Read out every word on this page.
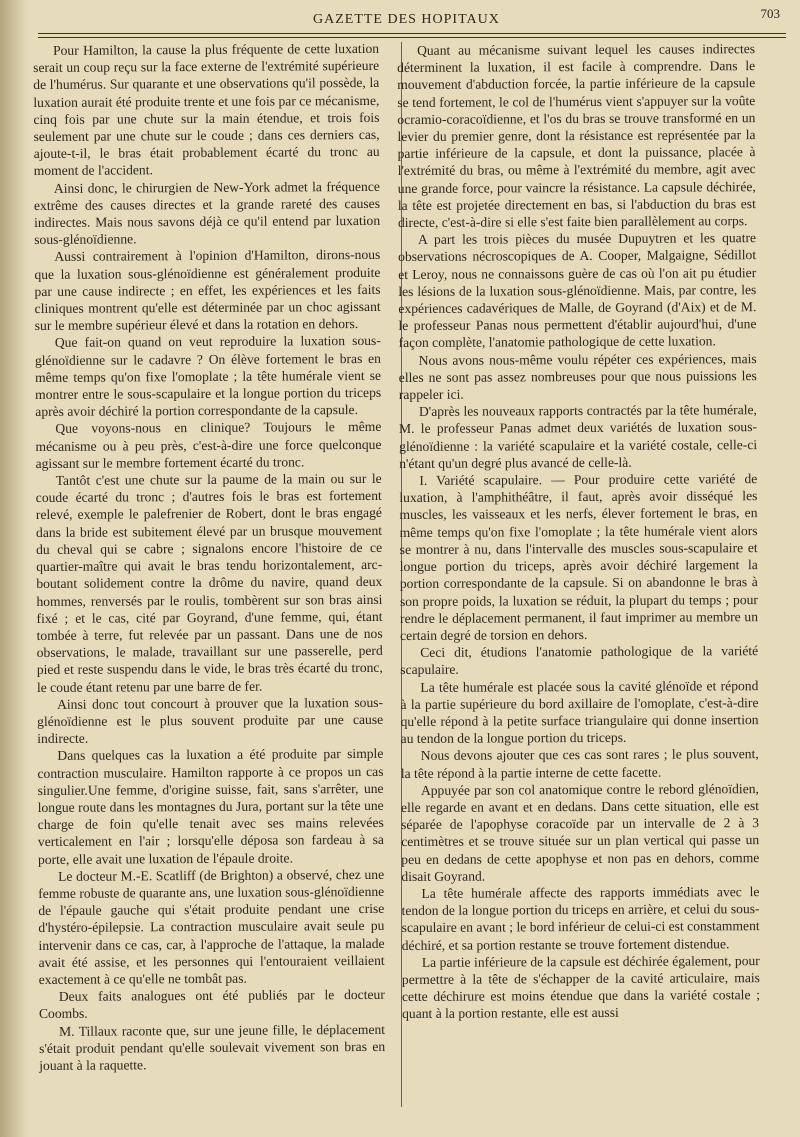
GAZETTE DES HOPITAUX	703

Pour Hamilton, la cause la plus fréquente de cette luxation serait un coup reçu sur la face externe de l'extrémité supérieure de l'humérus. Sur quarante et une observations qu'il possède, la luxation aurait été produite trente et une fois par ce mécanisme, cinq fois par une chute sur la main étendue, et trois fois seulement par une chute sur le coude ; dans ces derniers cas, ajoute-t-il, le bras était probablement écarté du tronc au moment de l'accident.

Ainsi donc, le chirurgien de New-York admet la fréquence extrême des causes directes et la grande rareté des causes indirectes. Mais nous savons déjà ce qu'il entend par luxation sous-glénoïdienne.

Aussi contrairement à l'opinion d'Hamilton, dirons-nous que la luxation sous-glénoïdienne est généralement produite par une cause indirecte ; en effet, les expériences et les faits cliniques montrent qu'elle est déterminée par un choc agissant sur le membre supérieur élevé et dans la rotation en dehors.

Que fait-on quand on veut reproduire la luxation sous-glénoïdienne sur le cadavre ? On élève fortement le bras en même temps qu'on fixe l'omoplate ; la tête humérale vient se montrer entre le sous-scapulaire et la longue portion du triceps après avoir déchiré la portion correspondante de la capsule.

Que voyons-nous en clinique? Toujours le même mécanisme ou à peu près, c'est-à-dire une force quelconque agissant sur le membre fortement écarté du tronc.

Tantôt c'est une chute sur la paume de la main ou sur le coude écarté du tronc ; d'autres fois le bras est fortement relevé, exemple le palefrenier de Robert, dont le bras engagé dans la bride est subitement élevé par un brusque mouvement du cheval qui se cabre ; signalons encore l'histoire de ce quartier-maître qui avait le bras tendu horizontalement, arc-boutant solidement contre la drôme du navire, quand deux hommes, renversés par le roulis, tombèrent sur son bras ainsi fixé ; et le cas, cité par Goyrand, d'une femme, qui, étant tombée à terre, fut relevée par un passant. Dans une de nos observations, le malade, travaillant sur une passerelle, perd pied et reste suspendu dans le vide, le bras très écarté du tronc, le coude étant retenu par une barre de fer.

Ainsi donc tout concourt à prouver que la luxation sous-glénoïdienne est le plus souvent produite par une cause indirecte.

Dans quelques cas la luxation a été produite par simple contraction musculaire. Hamilton rapporte à ce propos un cas singulier.Une femme, d'origine suisse, fait, sans s'arrêter, une longue route dans les montagnes du Jura, portant sur la tête une charge de foin qu'elle tenait avec ses mains relevées verticalement en l'air ; lorsqu'elle déposa son fardeau à sa porte, elle avait une luxation de l'épaule droite.

Le docteur M.-E. Scatliff (de Brighton) a observé, chez une femme robuste de quarante ans, une luxation sous-glénoïdienne de l'épaule gauche qui s'était produite pendant une crise d'hystéro-épilepsie. La contraction musculaire avait seule pu intervenir dans ce cas, car, à l'approche de l'attaque, la malade avait été assise, et les personnes qui l'entouraient veillaient exactement à ce qu'elle ne tombât pas.

Deux faits analogues ont été publiés par le docteur Coombs.

M. Tillaux raconte que, sur une jeune fille, le déplacement s'était produit pendant qu'elle soulevait vivement son bras en jouant à la raquette.

Quant au mécanisme suivant lequel les causes indirectes déterminent la luxation, il est facile à comprendre. Dans le mouvement d'abduction forcée, la partie inférieure de la capsule se tend fortement, le col de l'humérus vient s'appuyer sur la voûte ocramio-coracoïdienne, et l'os du bras se trouve transformé en un levier du premier genre, dont la résistance est représentée par la partie inférieure de la capsule, et dont la puissance, placée à l'extrémité du bras, ou même à l'extrémité du membre, agit avec une grande force, pour vaincre la résistance. La capsule déchirée, la tête est projetée directement en bas, si l'abduction du bras est directe, c'est-à-dire si elle s'est faite bien parallèlement au corps.

A part les trois pièces du musée Dupuytren et les quatre observations nécroscopiques de A. Cooper, Malgaigne, Sédillot et Leroy, nous ne connaissons guère de cas où l'on ait pu étudier les lésions de la luxation sous-glénoïdienne. Mais, par contre, les expériences cadavériques de Malle, de Goyrand (d'Aix) et de M. le professeur Panas nous permettent d'établir aujourd'hui, d'une façon complète, l'anatomie pathologique de cette luxation.

Nous avons nous-même voulu répéter ces expériences, mais elles ne sont pas assez nombreuses pour que nous puissions les rappeler ici.

D'après les nouveaux rapports contractés par la tête humérale, M. le professeur Panas admet deux variétés de luxation sous-glénoïdienne : la variété scapulaire et la variété costale, celle-ci n'étant qu'un degré plus avancé de celle-là.

I. Variété scapulaire. — Pour produire cette variété de luxation, à l'amphithéâtre, il faut, après avoir disséqué les muscles, les vaisseaux et les nerfs, élever fortement le bras, en même temps qu'on fixe l'omoplate ; la tête humérale vient alors se montrer à nu, dans l'intervalle des muscles sous-scapulaire et longue portion du triceps, après avoir déchiré largement la portion correspondante de la capsule. Si on abandonne le bras à son propre poids, la luxation se réduit, la plupart du temps ; pour rendre le déplacement permanent, il faut imprimer au membre un certain degré de torsion en dehors.

Ceci dit, étudions l'anatomie pathologique de la variété scapulaire.

La tête humérale est placée sous la cavité glénoïde et répond à la partie supérieure du bord axillaire de l'omoplate, c'est-à-dire qu'elle répond à la petite surface triangulaire qui donne insertion au tendon de la longue portion du triceps.

Nous devons ajouter que ces cas sont rares ; le plus souvent, la tête répond à la partie interne de cette facette.

Appuyée par son col anatomique contre le rebord glénoïdien, elle regarde en avant et en dedans. Dans cette situation, elle est séparée de l'apophyse coracoïde par un intervalle de 2 à 3 centimètres et se trouve située sur un plan vertical qui passe un peu en dedans de cette apophyse et non pas en dehors, comme disait Goyrand.

La tête humérale affecte des rapports immédiats avec le tendon de la longue portion du triceps en arrière, et celui du sous-scapulaire en avant ; le bord inférieur de celui-ci est constamment déchiré, et sa portion restante se trouve fortement distendue.

La partie inférieure de la capsule est déchirée également, pour permettre à la tête de s'échapper de la cavité articulaire, mais cette déchirure est moins étendue que dans la variété costale ; quant à la portion restante, elle est aussi
